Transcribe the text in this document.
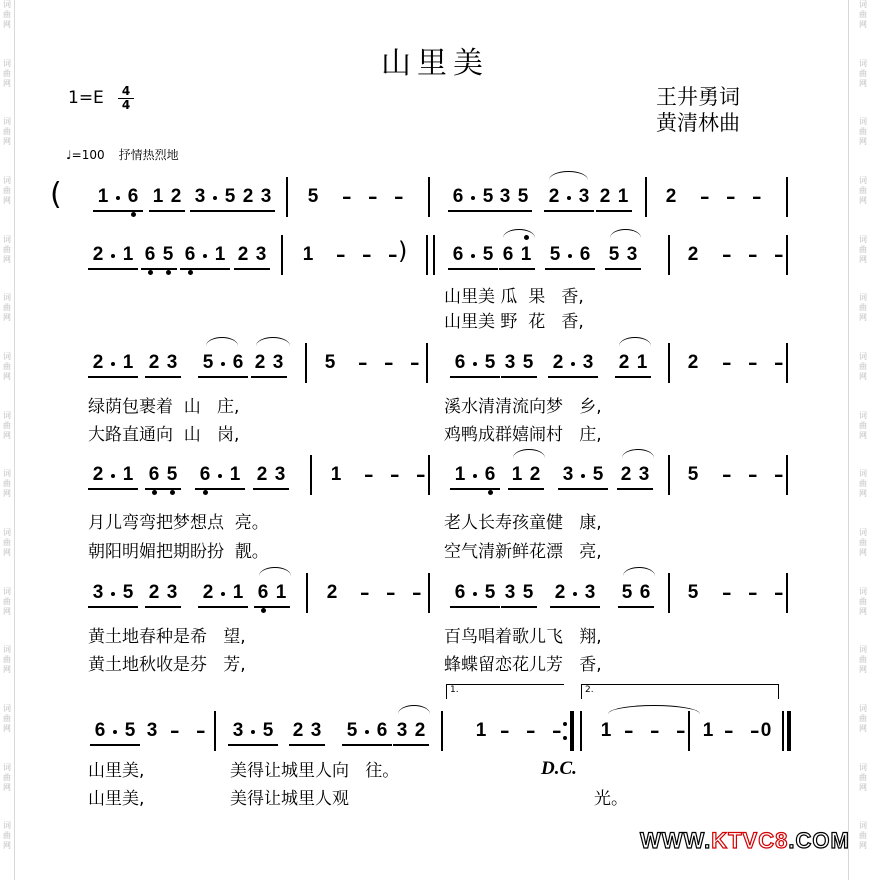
词
曲
网
词
曲
网
词
曲
网
词
曲
网
词
曲
网
词
曲
网
词
曲
网
词
曲
网
词
曲
网
词
曲
网
词
曲
网
词
曲
网
词
曲
网
词
曲
网
词
曲
网
词
曲
网
词
曲
网
词
曲
网
词
曲
网
词
曲
网
词
曲
网
词
曲
网
词
曲
网
词
曲
网
词
曲
网
词
曲
网
词
曲
网
词
曲
网
词
曲
网
词
曲
网
山里美
1=E	4
4	王井勇词
黄清林曲
♩=100 抒情热烈地
(	1	6 1 2 3	5 2 3	5	– – –	6	5 3 5	2	3 2 1	2	– – –
2	1 6 5 6	1 2 3	1	– – – )	6	5 6 1 5	6 5 3	2	– – –
2	1 2 3	5	6 2 3	5	– – –	6	5 3 5	2	3	2 1	2	– – –
2	1 6 5	6	1 2 3	1	– – –	1	6 1 2	3	5 2 3	5	– – –
3	5 2 3	2	1 6 1	2	– – –	6	5 3 5	2	3	5 6	5	– – –
6	5 3 – –	3	5	2 3	5	6 3 2	1 – – –	1 – – – 1 – – 0
山里美 瓜  果   香,
山里美 野  花   香,
绿荫包裹着  山   庄,	溪水清清流向梦   乡,
大路直通向  山   岗,	鸡鸭成群嬉闹村   庄,
月儿弯弯把梦想点  亮。	老人长寿孩童健   康,
朝阳明媚把期盼扮  靓。	空气清新鲜花漂   亮,
黄土地春种是希   望,	百鸟唱着歌儿飞   翔,
黄土地秋收是芬   芳,	蜂蝶留恋花儿芳   香,
山里美,	美得让城里人向   往。
山里美,	美得让城里人观	光。
1.	2.
D.C.
WWW.KTVC8.COM
